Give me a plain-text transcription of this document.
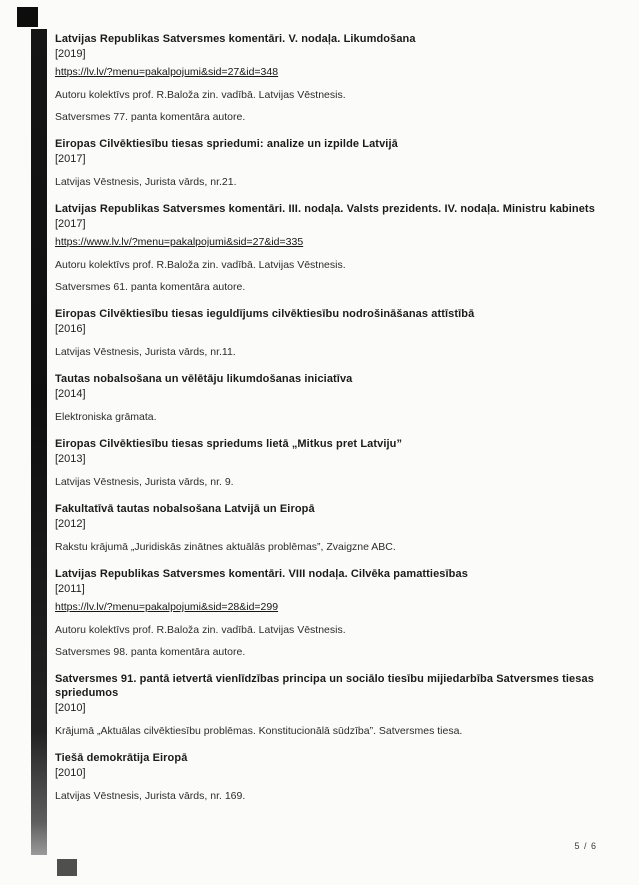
Latvijas Republikas Satversmes komentāri. V. nodaļa. Likumdošana
[2019]
https://lv.lv/?menu=pakalpojumi&sid=27&id=348
Autoru kolektīvs prof. R.Baloža zin. vadībā. Latvijas Vēstnesis.
Satversmes 77. panta komentāra autore.
Eiropas Cilvēktiesību tiesas spriedumi: analize un izpilde Latvijā
[2017]
Latvijas Vēstnesis, Jurista vārds, nr.21.
Latvijas Republikas Satversmes komentāri. III. nodaļa. Valsts prezidents. IV. nodaļa. Ministru kabinets
[2017]
https://www.lv.lv/?menu=pakalpojumi&sid=27&id=335
Autoru kolektīvs prof. R.Baloža zin. vadībā. Latvijas Vēstnesis.
Satversmes 61. panta komentāra autore.
Eiropas Cilvēktiesību tiesas ieguldījums cilvēktiesību nodrošināšanas attīstībā
[2016]
Latvijas Vēstnesis, Jurista vārds, nr.11.
Tautas nobalsošana un vēlētāju likumdošanas iniciatīva
[2014]
Elektroniska grāmata.
Eiropas Cilvēktiesību tiesas spriedums lietā „Mitkus pret Latviju”
[2013]
Latvijas Vēstnesis, Jurista vārds, nr. 9.
Fakultatīvā tautas nobalsošana Latvijā un Eiropā
[2012]
Rakstu krājumā „Juridiskās zinātnes aktuālās problēmas”, Zvaigzne ABC.
Latvijas Republikas Satversmes komentāri. VIII nodaļa. Cilvēka pamattiesības
[2011]
https://lv.lv/?menu=pakalpojumi&sid=28&id=299
Autoru kolektīvs prof. R.Baloža zin. vadībā. Latvijas Vēstnesis.
Satversmes 98. panta komentāra autore.
Satversmes 91. pantā ietvertā vienlīdzības principa un sociālo tiesību mijiedarbība Satversmes tiesas spriedumos
[2010]
Krājumā „Aktuālas cilvēktiesību problēmas. Konstitucionālā sūdzība”. Satversmes tiesa.
Tiešā demokrātija Eiropā
[2010]
Latvijas Vēstnesis, Jurista vārds, nr. 169.
5 / 6
